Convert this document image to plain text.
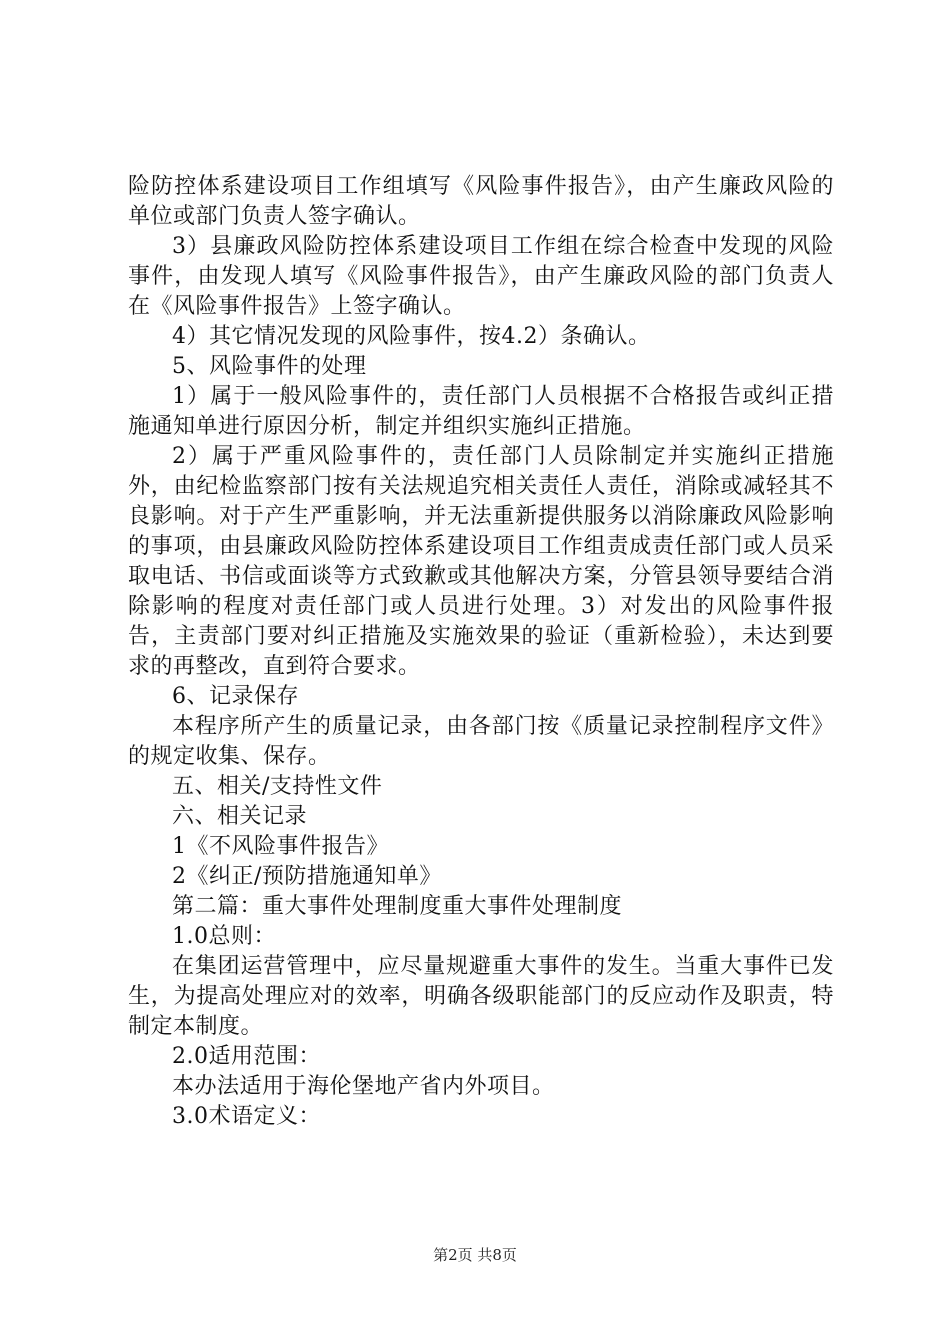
险防控体系建设项目工作组填写《风险事件报告》，由产生廉政风险的单位或部门负责人签字确认。

3）县廉政风险防控体系建设项目工作组在综合检查中发现的风险事件，由发现人填写《风险事件报告》，由产生廉政风险的部门负责人在《风险事件报告》上签字确认。

4）其它情况发现的风险事件，按4.2）条确认。

5、风险事件的处理

1）属于一般风险事件的，责任部门人员根据不合格报告或纠正措施通知单进行原因分析，制定并组织实施纠正措施。

2）属于严重风险事件的，责任部门人员除制定并实施纠正措施外，由纪检监察部门按有关法规追究相关责任人责任，消除或减轻其不良影响。对于产生严重影响，并无法重新提供服务以消除廉政风险影响的事项，由县廉政风险防控体系建设项目工作组责成责任部门或人员采取电话、书信或面谈等方式致歉或其他解决方案，分管县领导要结合消除影响的程度对责任部门或人员进行处理。3）对发出的风险事件报告，主责部门要对纠正措施及实施效果的验证（重新检验），未达到要求的再整改，直到符合要求。

6、记录保存

本程序所产生的质量记录，由各部门按《质量记录控制程序文件》的规定收集、保存。

五、相关/支持性文件

六、相关记录

1《不风险事件报告》

2《纠正/预防措施通知单》

第二篇：重大事件处理制度重大事件处理制度

1.0总则：

在集团运营管理中，应尽量规避重大事件的发生。当重大事件已发生，为提高处理应对的效率，明确各级职能部门的反应动作及职责，特制定本制度。

2.0适用范围：

本办法适用于海伦堡地产省内外项目。

3.0术语定义：

第2页 共8页
